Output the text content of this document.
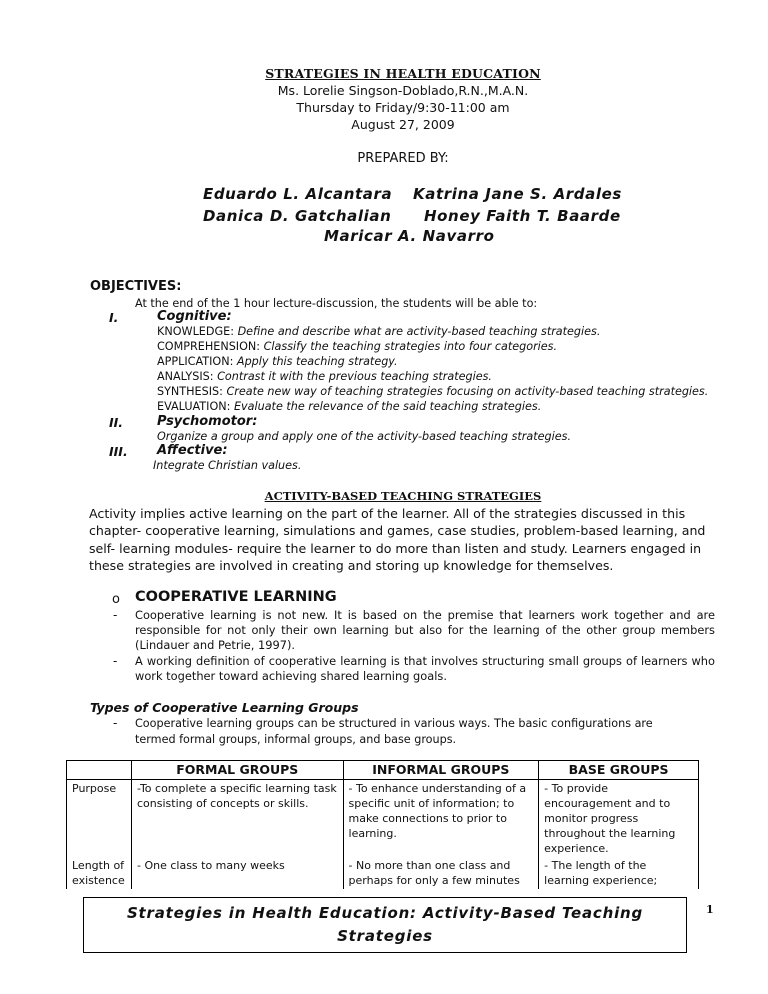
STRATEGIES IN HEALTH EDUCATION
Ms. Lorelie Singson-Doblado,R.N.,M.A.N.
Thursday to Friday/9:30-11:00 am
August 27, 2009
PREPARED BY:
Eduardo L. Alcantara Katrina Jane S. Ardales
Danica D. Gatchalian Honey Faith T. Baarde
Maricar A. Navarro
OBJECTIVES:
At the end of the 1 hour lecture-discussion, the students will be able to:
I.	Cognitive:
KNOWLEDGE: Define and describe what are activity-based teaching strategies.
COMPREHENSION: Classify the teaching strategies into four categories.
APPLICATION: Apply this teaching strategy.
ANALYSIS: Contrast it with the previous teaching strategies.
SYNTHESIS: Create new way of teaching strategies focusing on activity-based teaching strategies.
EVALUATION: Evaluate the relevance of the said teaching strategies.
II.	Psychomotor:
Organize a group and apply one of the activity-based teaching strategies.
III. Affective:
Integrate Christian values.
ACTIVITY-BASED TEACHING STRATEGIES
Activity implies active learning on the part of the learner. All of the strategies discussed in this chapter- cooperative learning, simulations and games, case studies, problem-based learning, and self- learning modules- require the learner to do more than listen and study. Learners engaged in these strategies are involved in creating and storing up knowledge for themselves.
o COOPERATIVE LEARNING
- Cooperative learning is not new. It is based on the premise that learners work together and are responsible for not only their own learning but also for the learning of the other group members (Lindauer and Petrie, 1997).
- A working definition of cooperative learning is that involves structuring small groups of learners who work together toward achieving shared learning goals.
Types of Cooperative Learning Groups
- Cooperative learning groups can be structured in various ways. The basic configurations are termed formal groups, informal groups, and base groups.
	FORMAL GROUPS	INFORMAL GROUPS	BASE GROUPS
Purpose	-To complete a specific learning task consisting of concepts or skills.	- To enhance understanding of a specific unit of information; to make connections to prior to learning.	- To provide encouragement and to monitor progress throughout the learning experience.
Length of existence	- One class to many weeks	- No more than one class and perhaps for only a few minutes	- The length of the learning experience;
Strategies in Health Education: Activity-Based Teaching Strategies
1
